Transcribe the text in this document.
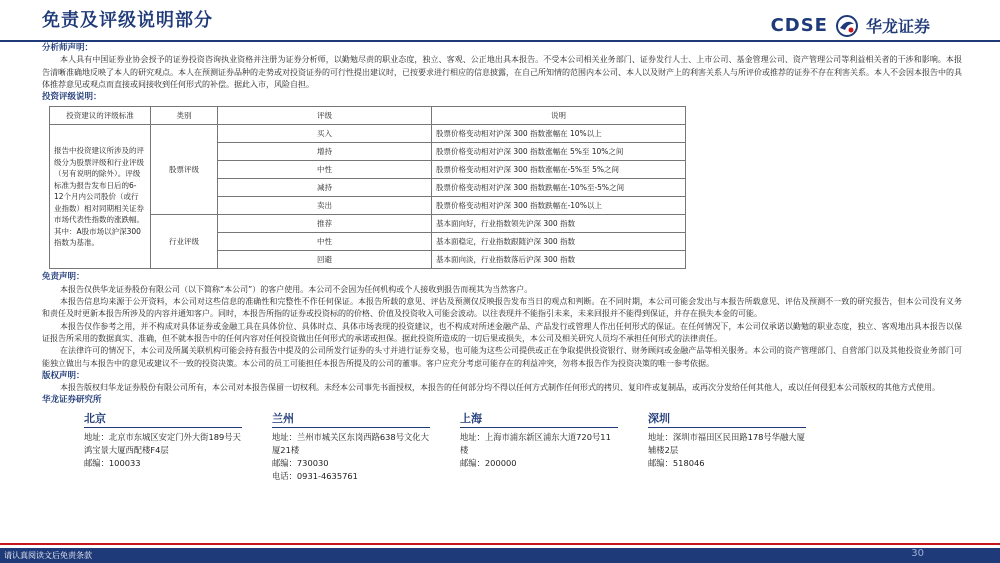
免责及评级说明部分	CDSE 华龙证券
分析师声明：

本人具有中国证券业协会授予的证券投资咨询执业资格并注册为证券分析师，以勤勉尽责的职业态度，独立、客观、公正地出具本报告。不受本公司相关业务部门、证券发行人士、上市公司、基金管理公司、资产管理公司等利益相关者的干涉和影响。本报告清晰准确地反映了本人的研究观点。本人在预测证券品种的走势或对投资证券的可行性提出建议时，已按要求进行相应的信息披露，在自己所知情的范围内本公司、本人以及财产上的利害关系人与所评价或推荐的证券不存在利害关系。本人不会因本报告中的具体推荐意见或观点而直接或间接收到任何形式的补偿。据此入市，风险自担。

投资评级说明：
投资建议的评级标准	类别	评级	说明
报告中投资建议所涉及的评级分为股票评级和行业评级（另有说明的除外）。评级标准为报告发布日后的6-12个月内公司股价（或行业指数）相对同期相关证券市场代表性指数的涨跌幅。其中：A股市场以沪深300指数为基准。	股票评级	买入	股票价格变动相对沪深 300 指数涨幅在 10%以上
		增持	股票价格变动相对沪深 300 指数涨幅在 5%至 10%之间
		中性	股票价格变动相对沪深 300 指数涨幅在-5%至 5%之间
		减持	股票价格变动相对沪深 300 指数跌幅在-10%至-5%之间
		卖出	股票价格变动相对沪深 300 指数跌幅在-10%以上
	行业评级	推荐	基本面向好，行业指数领先沪深 300 指数
		中性	基本面稳定，行业指数跟随沪深 300 指数
		回避	基本面向淡，行业指数落后沪深 300 指数
免责声明：

本报告仅供华龙证券股份有限公司（以下简称“本公司”）的客户使用。本公司不会因为任何机构或个人接收到报告而视其为当然客户。

本报告信息均来源于公开资料，本公司对这些信息的准确性和完整性不作任何保证。本报告所载的意见、评估及预测仅反映报告发布当日的观点和判断。在不同时期，本公司可能会发出与本报告所载意见、评估及预测不一致的研究报告，但本公司没有义务和责任及时更新本报告所涉及的内容并通知客户。同时，本报告所指的证券或投资标的的价格、价值及投资收入可能会波动。以往表现并不能指引未来，未来回报并不能得到保证，并存在损失本金的可能。

本报告仅作参考之用，并不构成对具体证券或金融工具在具体价位、具体时点、具体市场表现的投资建议，也不构成对所述金融产品、产品发行或管理人作出任何形式的保证。在任何情况下，本公司仅承诺以勤勉的职业态度，独立、客观地出具本报告以保证报告所采用的数据真实、准确，但不就本报告中的任何内容对任何投资做出任何形式的承诺或担保。据此投资所造成的一切后果或损失，本公司及相关研究人员均不承担任何形式的法律责任。

在法律许可的情况下，本公司及所属关联机构可能会持有报告中提及的公司所发行证券的头寸并进行证券交易，也可能为这些公司提供或正在争取提供投资银行、财务顾问或金融产品等相关服务。本公司的资产管理部门、自营部门以及其他投资业务部门可能独立做出与本报告中的意见或建议不一致的投资决策。本公司的员工可能担任本报告所提及的公司的董事。客户应充分考虑可能存在的利益冲突，勿将本报告作为投资决策的唯一参考依据。

版权声明：

本报告版权归华龙证券股份有限公司所有，本公司对本报告保留一切权利。未经本公司事先书面授权，本报告的任何部分均不得以任何方式制作任何形式的拷贝、复印件或复制品，或再次分发给任何其他人，或以任何侵犯本公司版权的其他方式使用。

华龙证券研究所
北京
地址：北京市东城区安定门外大街189号天鸿宝景大厦西配楼F4层
邮编：100033
兰州
地址：兰州市城关区东岗西路638号文化大厦21楼
邮编：730030
电话：0931-4635761
上海
地址：上海市浦东新区浦东大道720号11楼
邮编：200000
深圳
地址：深圳市福田区民田路178号华融大厦辅楼2层
邮编：518046
请认真阅读文后免责条款	30
